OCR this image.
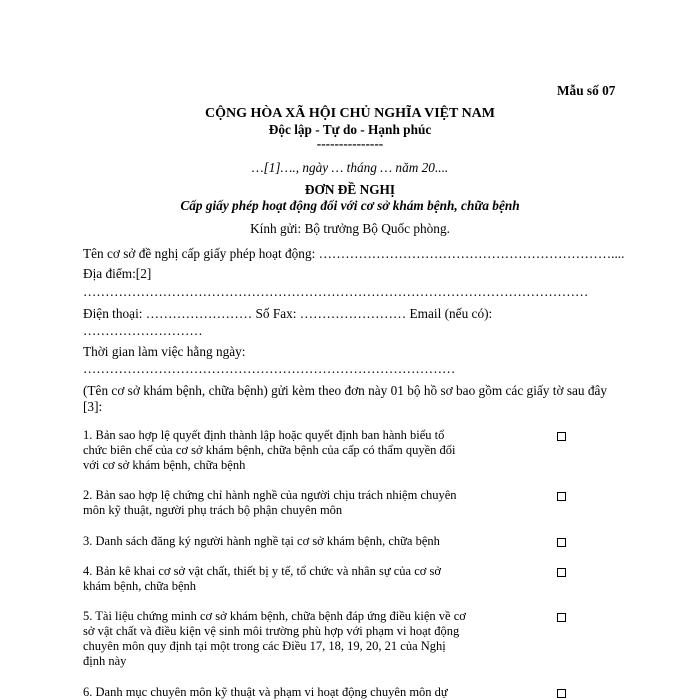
Mẫu số 07
CỘNG HÒA XÃ HỘI CHỦ NGHĨA VIỆT NAM
Độc lập - Tự do - Hạnh phúc
---------------
…[1]…., ngày … tháng … năm 20....
ĐƠN ĐỀ NGHỊ
Cấp giấy phép hoạt động đối với cơ sở khám bệnh, chữa bệnh
Kính gửi: Bộ trưởng Bộ Quốc phòng.
Tên cơ sở đề nghị cấp giấy phép hoạt động: …………………………………………………………....
Địa điểm:[2]
……………………………………………………………………………………………………
Điện thoại: …………………… Số Fax: …………………… Email (nếu có):
………………………
Thời gian làm việc hằng ngày:
…………………………………………………………………………
(Tên cơ sở khám bệnh, chữa bệnh) gửi kèm theo đơn này 01 bộ hồ sơ bao gồm các giấy tờ sau đây [3]:
1. Bản sao hợp lệ quyết định thành lập hoặc quyết định ban hành biểu tổ
chức biên chế của cơ sở khám bệnh, chữa bệnh của cấp có thẩm quyền đối
với cơ sở khám bệnh, chữa bệnh
2. Bản sao hợp lệ chứng chỉ hành nghề của người chịu trách nhiệm chuyên
môn kỹ thuật, người phụ trách bộ phận chuyên môn
3. Danh sách đăng ký người hành nghề tại cơ sở khám bệnh, chữa bệnh
4. Bản kê khai cơ sở vật chất, thiết bị y tế, tổ chức và nhân sự của cơ sở
khám bệnh, chữa bệnh
5. Tài liệu chứng minh cơ sở khám bệnh, chữa bệnh đáp ứng điều kiện về cơ
sở vật chất và điều kiện vệ sinh môi trường phù hợp với phạm vi hoạt động
chuyên môn quy định tại một trong các Điều 17, 18, 19, 20, 21 của Nghị
định này
6. Danh mục chuyên môn kỹ thuật và phạm vi hoạt động chuyên môn dự
